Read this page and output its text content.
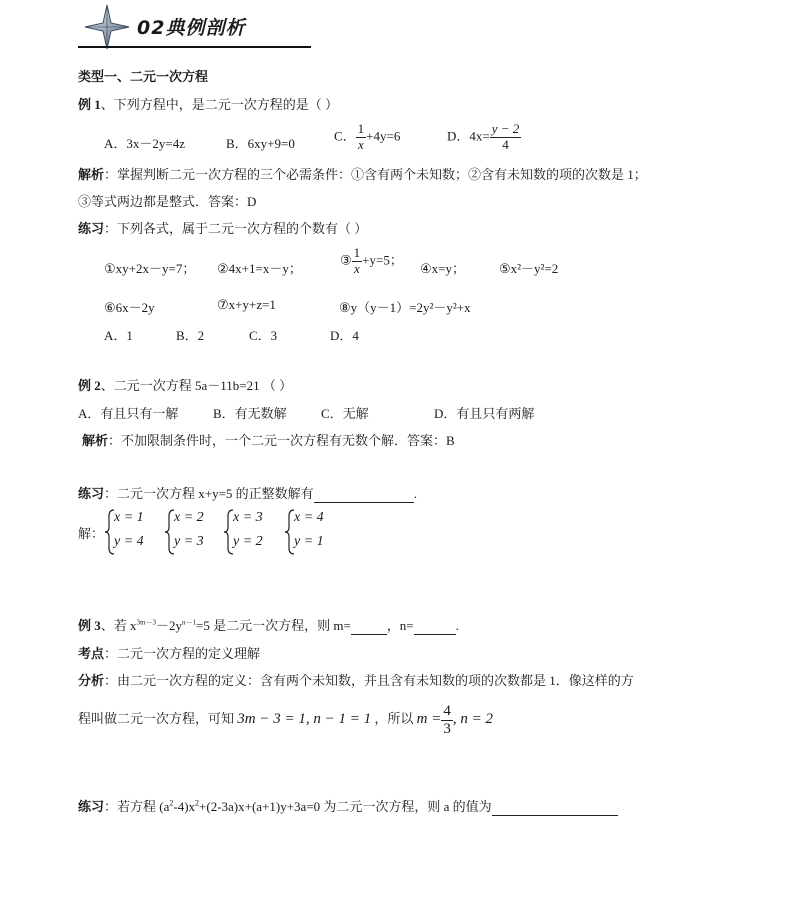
02典例剖析
类型一、二元一次方程
例 1、下列方程中，是二元一次方程的是（ ）
A．3x－2y=4z	B．6xy+9=0
C． $\frac{1}{x} +4y=6$	D．$4x= \frac{y - 2}{4}$
解析：掌握判断二元一次方程的三个必需条件：①含有两个未知数；②含有未知数的项的次数是 1；
③等式两边都是整式．答案：D
练习：下列各式，属于二元一次方程的个数有（ ）
①xy+2x－y=7； ②4x+1=x－y；
③ $\frac{1}{x} +y=5$；
④x=y；	⑤x²－y²=2
⑥6x－2y	⑦x+y+z=1	⑧y（y－1）=2y²－y²+x
A．1	B．2	C．3	D．4
例 2、二元一次方程 5a－11b=21 （ ）
A．有且只有一解	B．有无数解	C．无解	D．有且只有两解
解析：不加限制条件时，一个二元一次方程有无数个解．答案：B
练习：二元一次方程 x+y=5 的正整数解有	.
解：
x = 1
y = 4
x = 2
y = 3
x = 3
y = 2
x = 4
y = 1
例 3、若 $x^{3m-3}-2y^{n-1}=5$ 是二元一次方程，则 m=	，n=	.
考点：二元一次方程的定义理解
分析：由二元一次方程的定义：含有两个未知数，并且含有未知数的项的次数都是 1．像这样的方
程叫做二元一次方程，可知 3m − 3 = 1, n − 1 = 1 ，所以 $m = \frac{4}{3}$ , n = 2
练习：若方程 $(a^2-4)x^2+(2-3a)x+(a+1)y+3a=0$ 为二元一次方程，则 a 的值为
